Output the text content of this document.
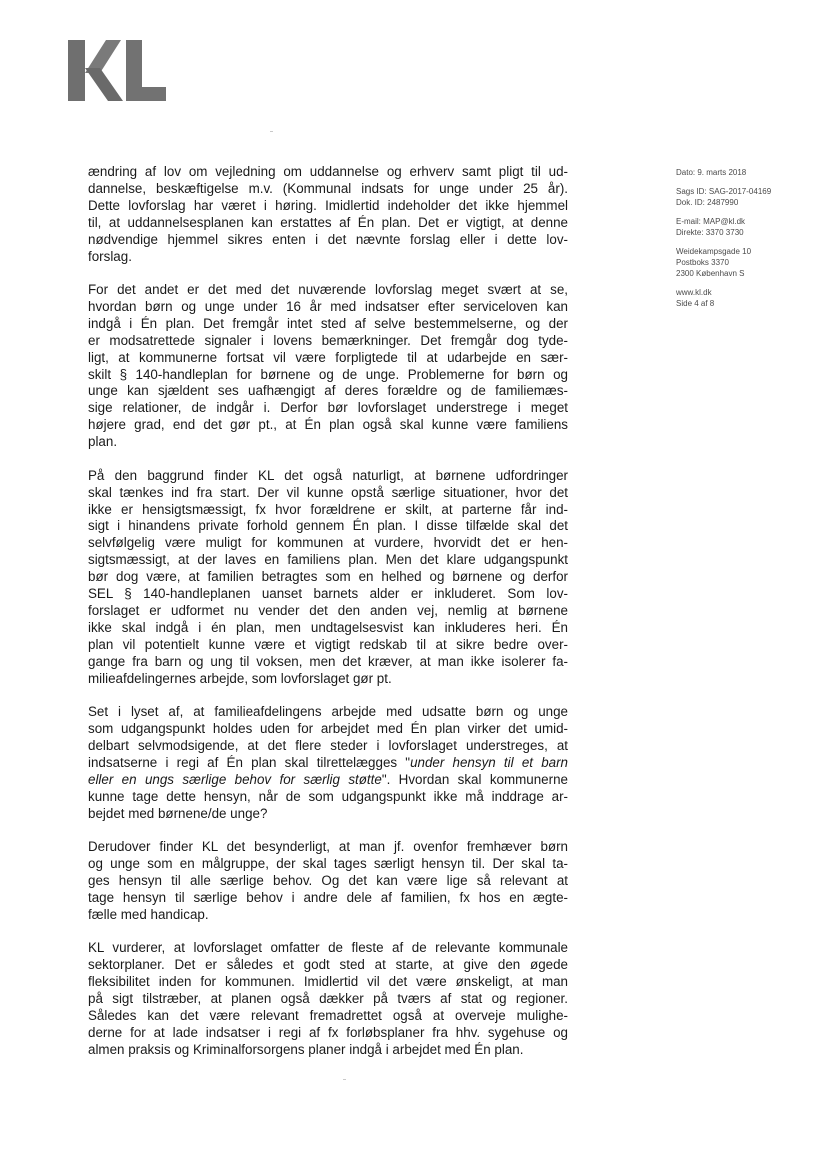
Dato: 9. marts 2018
Sags ID: SAG-2017-04169
Dok. ID: 2487990
E-mail: MAP@kl.dk
Direkte: 3370 3730
Weidekampsgade 10
Postboks 3370
2300 København S
www.kl.dk
Side 4 af 8

ændring af lov om vejledning om uddannelse og erhverv samt pligt til ud-
dannelse, beskæftigelse m.v. (Kommunal indsats for unge under 25 år).
Dette lovforslag har været i høring. Imidlertid indeholder det ikke hjemmel
til, at uddannelsesplanen kan erstattes af Én plan. Det er vigtigt, at denne
nødvendige hjemmel sikres enten i det nævnte forslag eller i dette lov-
forslag.

For det andet er det med det nuværende lovforslag meget svært at se,
hvordan børn og unge under 16 år med indsatser efter serviceloven kan
indgå i Én plan. Det fremgår intet sted af selve bestemmelserne, og der
er modsatrettede signaler i lovens bemærkninger. Det fremgår dog tyde-
ligt, at kommunerne fortsat vil være forpligtede til at udarbejde en sær-
skilt § 140-handleplan for børnene og de unge. Problemerne for børn og
unge kan sjældent ses uafhængigt af deres forældre og de familiemæs-
sige relationer, de indgår i. Derfor bør lovforslaget understrege i meget
højere grad, end det gør pt., at Én plan også skal kunne være familiens
plan.

På den baggrund finder KL det også naturligt, at børnene udfordringer
skal tænkes ind fra start. Der vil kunne opstå særlige situationer, hvor det
ikke er hensigtsmæssigt, fx hvor forældrene er skilt, at parterne får ind-
sigt i hinandens private forhold gennem Én plan. I disse tilfælde skal det
selvfølgelig være muligt for kommunen at vurdere, hvorvidt det er hen-
sigtsmæssigt, at der laves en familiens plan. Men det klare udgangspunkt
bør dog være, at familien betragtes som en helhed og børnene og derfor
SEL § 140-handleplanen uanset barnets alder er inkluderet. Som lov-
forslaget er udformet nu vender det den anden vej, nemlig at børnene
ikke skal indgå i én plan, men undtagelsesvist kan inkluderes heri. Én
plan vil potentielt kunne være et vigtigt redskab til at sikre bedre over-
gange fra barn og ung til voksen, men det kræver, at man ikke isolerer fa-
milieafdelingernes arbejde, som lovforslaget gør pt.

Set i lyset af, at familieafdelingens arbejde med udsatte børn og unge
som udgangspunkt holdes uden for arbejdet med Én plan virker det umid-
delbart selvmodsigende, at det flere steder i lovforslaget understreges, at
indsatserne i regi af Én plan skal tilrettelægges "under hensyn til et barn
eller en ungs særlige behov for særlig støtte". Hvordan skal kommunerne
kunne tage dette hensyn, når de som udgangspunkt ikke må inddrage ar-
bejdet med børnene/de unge?

Derudover finder KL det besynderligt, at man jf. ovenfor fremhæver børn
og unge som en målgruppe, der skal tages særligt hensyn til. Der skal ta-
ges hensyn til alle særlige behov. Og det kan være lige så relevant at
tage hensyn til særlige behov i andre dele af familien, fx hos en ægte-
fælle med handicap.

KL vurderer, at lovforslaget omfatter de fleste af de relevante kommunale
sektorplaner. Det er således et godt sted at starte, at give den øgede
fleksibilitet inden for kommunen. Imidlertid vil det være ønskeligt, at man
på sigt tilstræber, at planen også dækker på tværs af stat og regioner.
Således kan det være relevant fremadrettet også at overveje mulighe-
derne for at lade indsatser i regi af fx forløbsplaner fra hhv. sygehuse og
almen praksis og Kriminalforsorgens planer indgå i arbejdet med Én plan.
